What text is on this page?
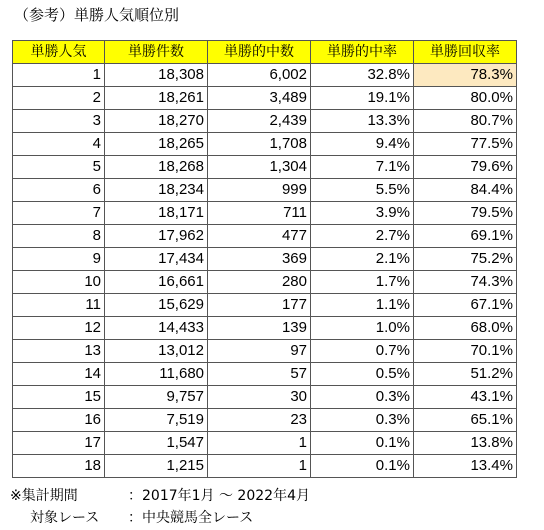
（参考）単勝人気順位別
単勝人気	単勝件数	単勝的中数	単勝的中率	単勝回収率
1	18,308	6,002	32.8%	78.3%
2	18,261	3,489	19.1%	80.0%
3	18,270	2,439	13.3%	80.7%
4	18,265	1,708	9.4%	77.5%
5	18,268	1,304	7.1%	79.6%
6	18,234	999	5.5%	84.4%
7	18,171	711	3.9%	79.5%
8	17,962	477	2.7%	69.1%
9	17,434	369	2.1%	75.2%
10	16,661	280	1.7%	74.3%
11	15,629	177	1.1%	67.1%
12	14,433	139	1.0%	68.0%
13	13,012	97	0.7%	70.1%
14	11,680	57	0.5%	51.2%
15	9,757	30	0.3%	43.1%
16	7,519	23	0.3%	65.1%
17	1,547	1	0.1%	13.8%
18	1,215	1	0.1%	13.4%
※集計期間	：2017年1月 ～ 2022年4月
対象レース	：中央競馬全レース
